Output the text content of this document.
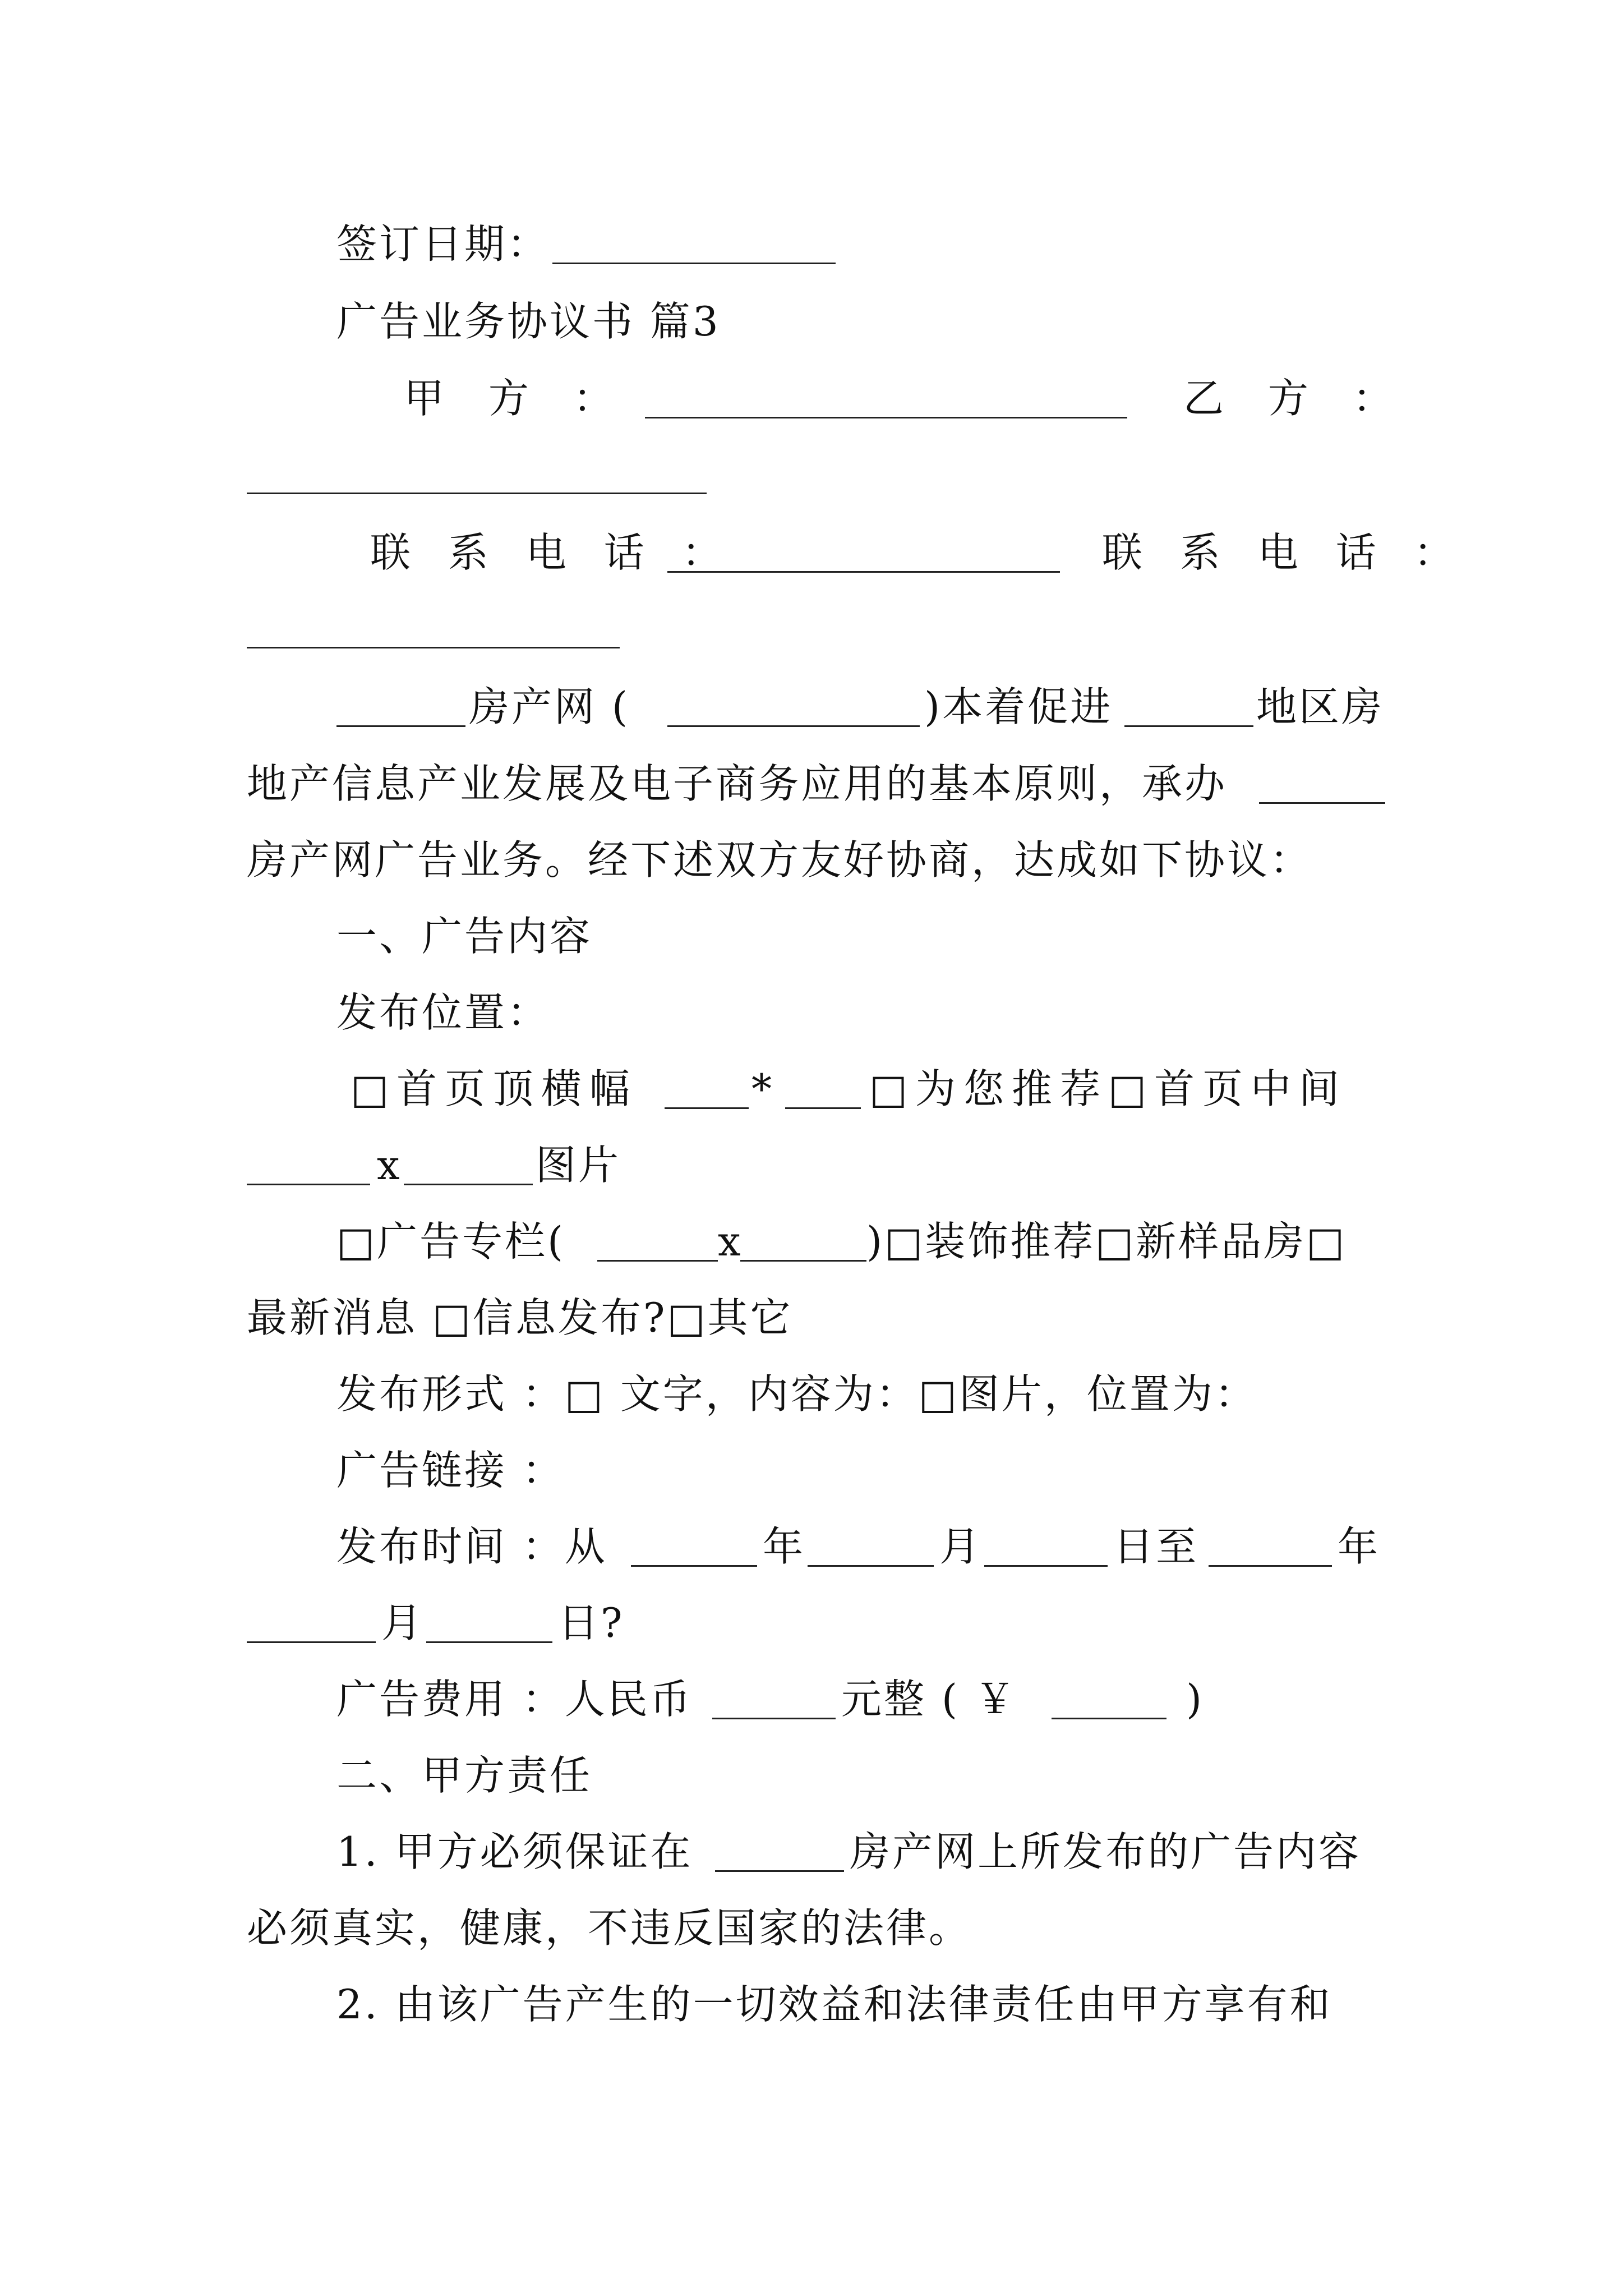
签订日期：
广告业务协议书 篇3
甲 方 ：	乙 方 ：
联 系 电 话 ：	联 系 电 话 ：
房产网 (	)本着促进	地区房
地产信息产业发展及电子商务应用的基本原则，承办
房产网广告业务。经下述双方友好协商，达成如下协议：
一、广告内容
发布位置：
□首页顶横幅	* □为您推荐□首页中间
x	图片
□广告专栏(	x	)□装饰推荐□新样品房□
最新消息 □信息发布?□其它
发布形式 ：□ 文字，内容为：□图片，位置为：
广告链接 ：
发布时间 ：从	年	月	日至	年
月	日?
广告费用 ：人民币	元整 ( ￥	)
二、甲方责任
1. 甲方必须保证在	房产网上所发布的广告内容
必须真实，健康，不违反国家的法律。
2. 由该广告产生的一切效益和法律责任由甲方享有和
